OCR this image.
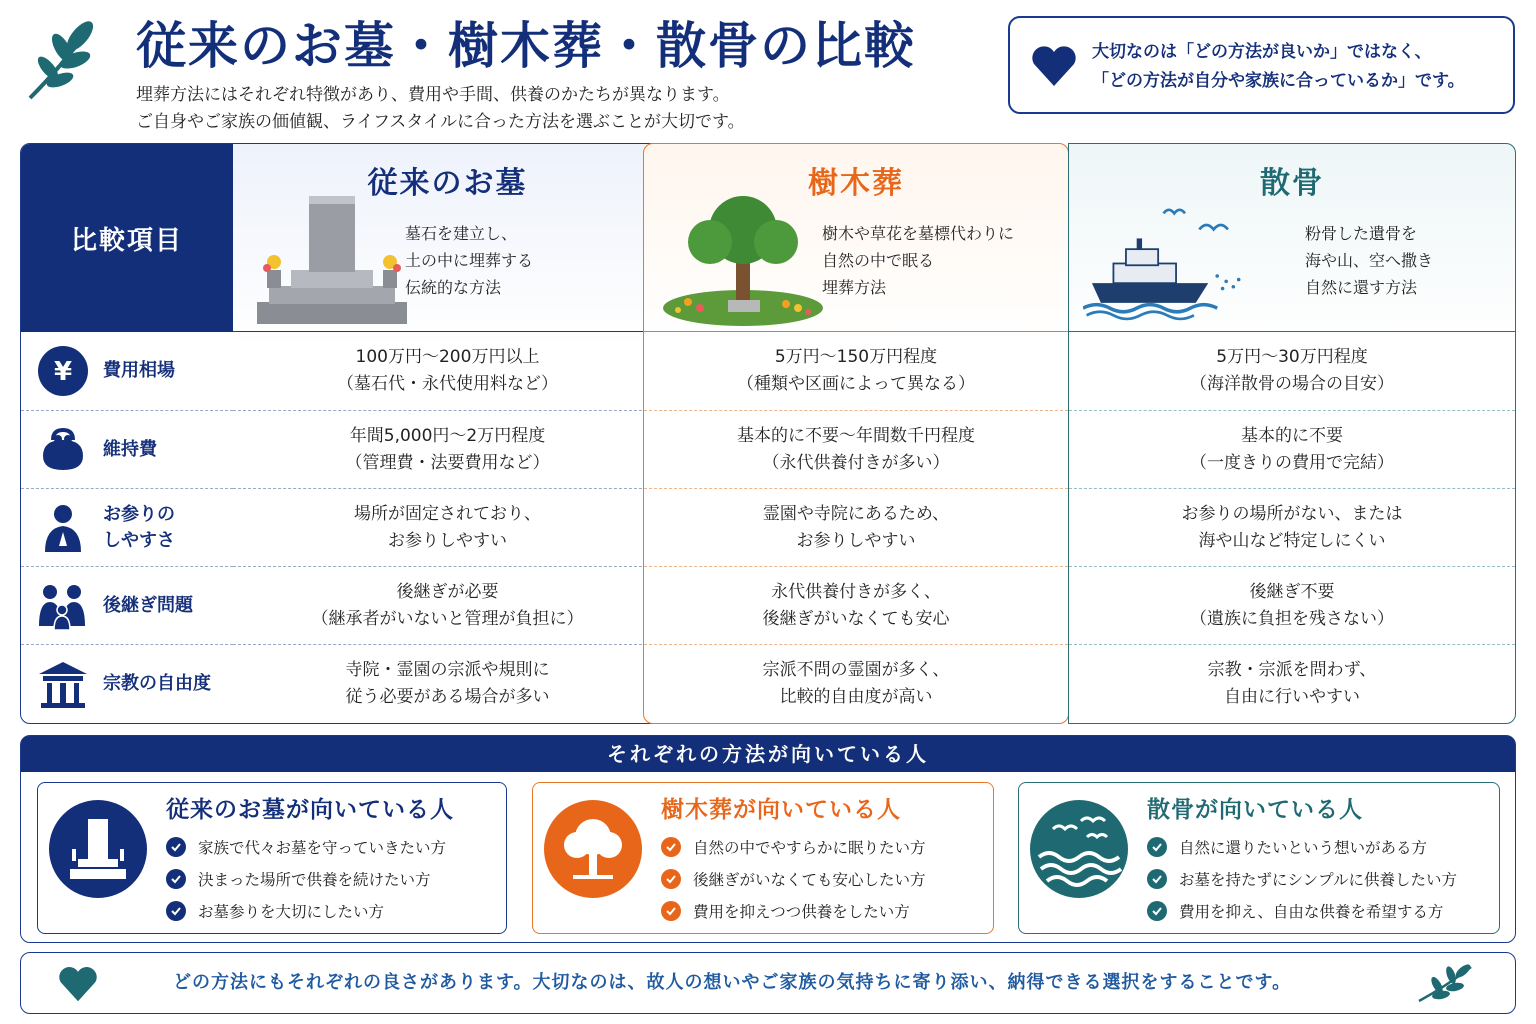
従来のお墓・樹木葬・散骨の比較
埋葬方法にはそれぞれ特徴があり、費用や手間、供養のかたちが異なります。
ご自身やご家族の価値観、ライフスタイルに合った方法を選ぶことが大切です。
大切なのは「どの方法が良いか」ではなく、
「どの方法が自分や家族に合っているか」です。
比較項目
¥ 費用相場
維持費
お参りの
しやすさ
後継ぎ問題
宗教の自由度
従来のお墓
墓石を建立し、
土の中に埋葬する
伝統的な方法
100万円〜200万円以上
（墓石代・永代使用料など）
年間5,000円〜2万円程度
（管理費・法要費用など）
場所が固定されており、
お参りしやすい
後継ぎが必要
（継承者がいないと管理が負担に）
寺院・霊園の宗派や規則に
従う必要がある場合が多い
樹木葬
樹木や草花を墓標代わりに
自然の中で眠る
埋葬方法
5万円〜150万円程度
（種類や区画によって異なる）
基本的に不要〜年間数千円程度
（永代供養付きが多い）
霊園や寺院にあるため、
お参りしやすい
永代供養付きが多く、
後継ぎがいなくても安心
宗派不問の霊園が多く、
比較的自由度が高い
散骨
粉骨した遺骨を
海や山、空へ撒き
自然に還す方法
5万円〜30万円程度
（海洋散骨の場合の目安）
基本的に不要
（一度きりの費用で完結）
お参りの場所がない、または
海や山など特定しにくい
後継ぎ不要
（遺族に負担を残さない）
宗教・宗派を問わず、
自由に行いやすい
それぞれの方法が向いている人
従来のお墓が向いている人
家族で代々お墓を守っていきたい方
決まった場所で供養を続けたい方
お墓参りを大切にしたい方
樹木葬が向いている人
自然の中でやすらかに眠りたい方
後継ぎがいなくても安心したい方
費用を抑えつつ供養をしたい方
散骨が向いている人
自然に還りたいという想いがある方
お墓を持たずにシンプルに供養したい方
費用を抑え、自由な供養を希望する方
どの方法にもそれぞれの良さがあります。大切なのは、故人の想いやご家族の気持ちに寄り添い、納得できる選択をすることです。
